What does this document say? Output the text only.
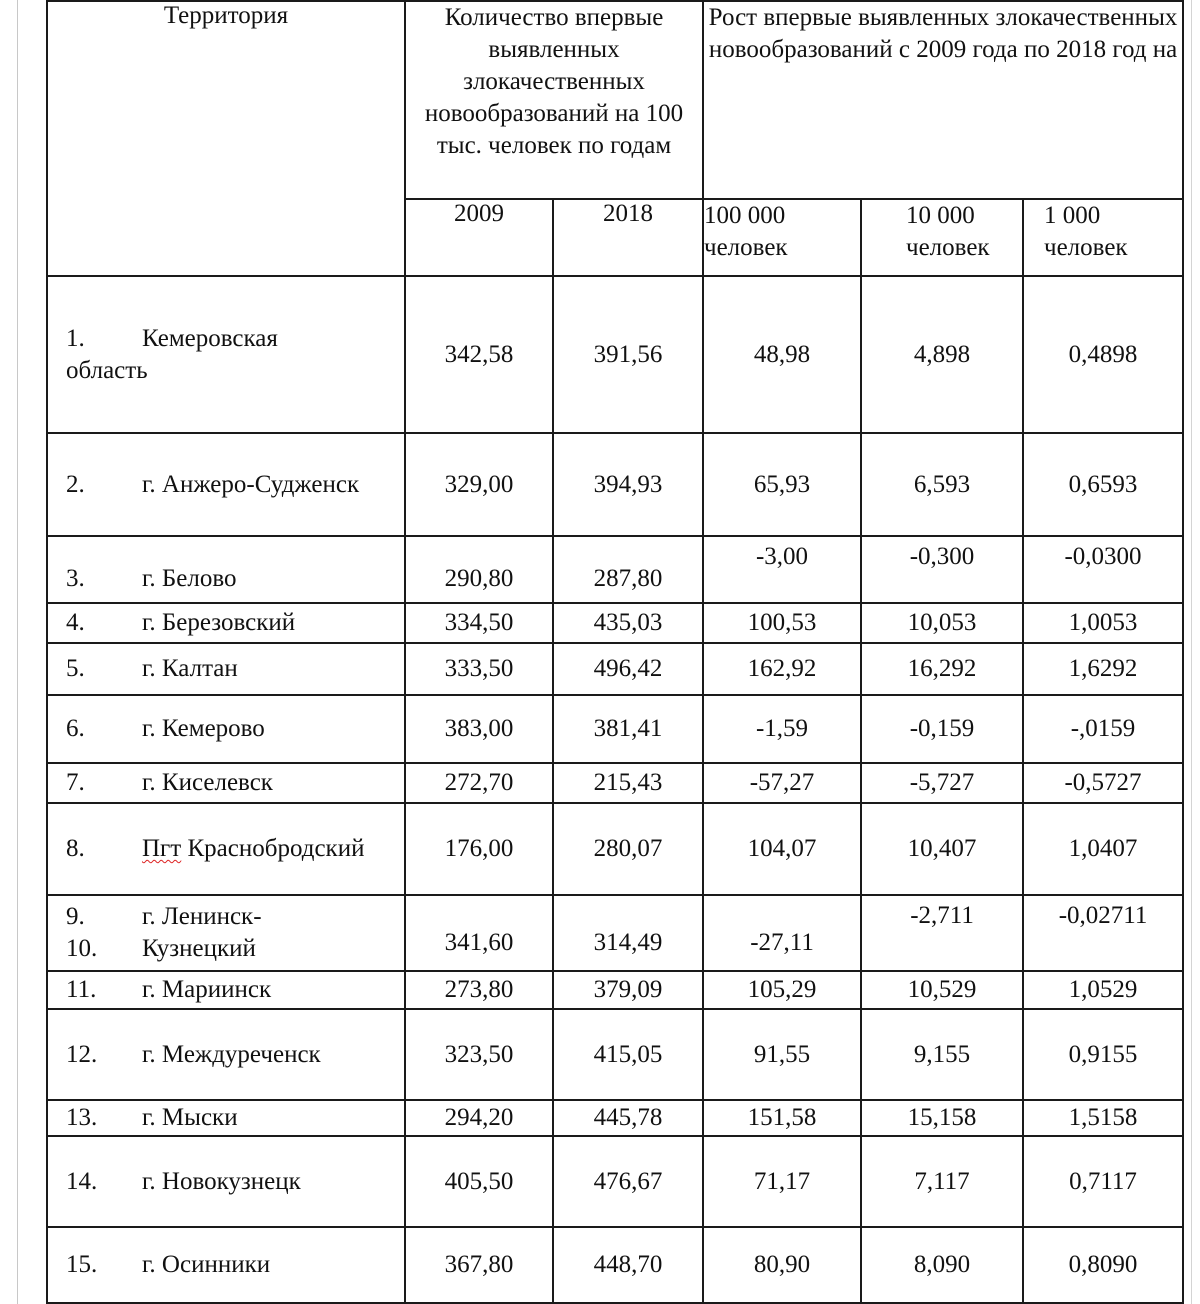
Территория	Количество впервые выявленных злокачественных новообразований на 100 тыс. человек по годам		Рост впервые выявленных злокачественных новообразований с 2009 года по 2018 год на		
	2009	2018	100 000 человек	10 000 человек	1 000 человек
1. Кемеровская
область	342,58	391,56	48,98	4,898	0,4898
2. г. Анжеро-Судженск	329,00	394,93	65,93	6,593	0,6593
3. г. Белово	290,80	287,80	-3,00	-0,300	-0,0300
4. г. Березовский	334,50	435,03	100,53	10,053	1,0053
5. г. Калтан	333,50	496,42	162,92	16,292	1,6292
6. г. Кемерово	383,00	381,41	-1,59	-0,159	-,0159
7. г. Киселевск	272,70	215,43	-57,27	-5,727	-0,5727
8. Пгт Краснобродский	176,00	280,07	104,07	10,407	1,0407
9. г. Ленинск-
10. Кузнецкий	341,60	314,49	-27,11	-2,711	-0,02711
11. г. Мариинск	273,80	379,09	105,29	10,529	1,0529
12. г. Междуреченск	323,50	415,05	91,55	9,155	0,9155
13. г. Мыски	294,20	445,78	151,58	15,158	1,5158
14. г. Новокузнецк	405,50	476,67	71,17	7,117	0,7117
15. г. Осинники	367,80	448,70	80,90	8,090	0,8090
